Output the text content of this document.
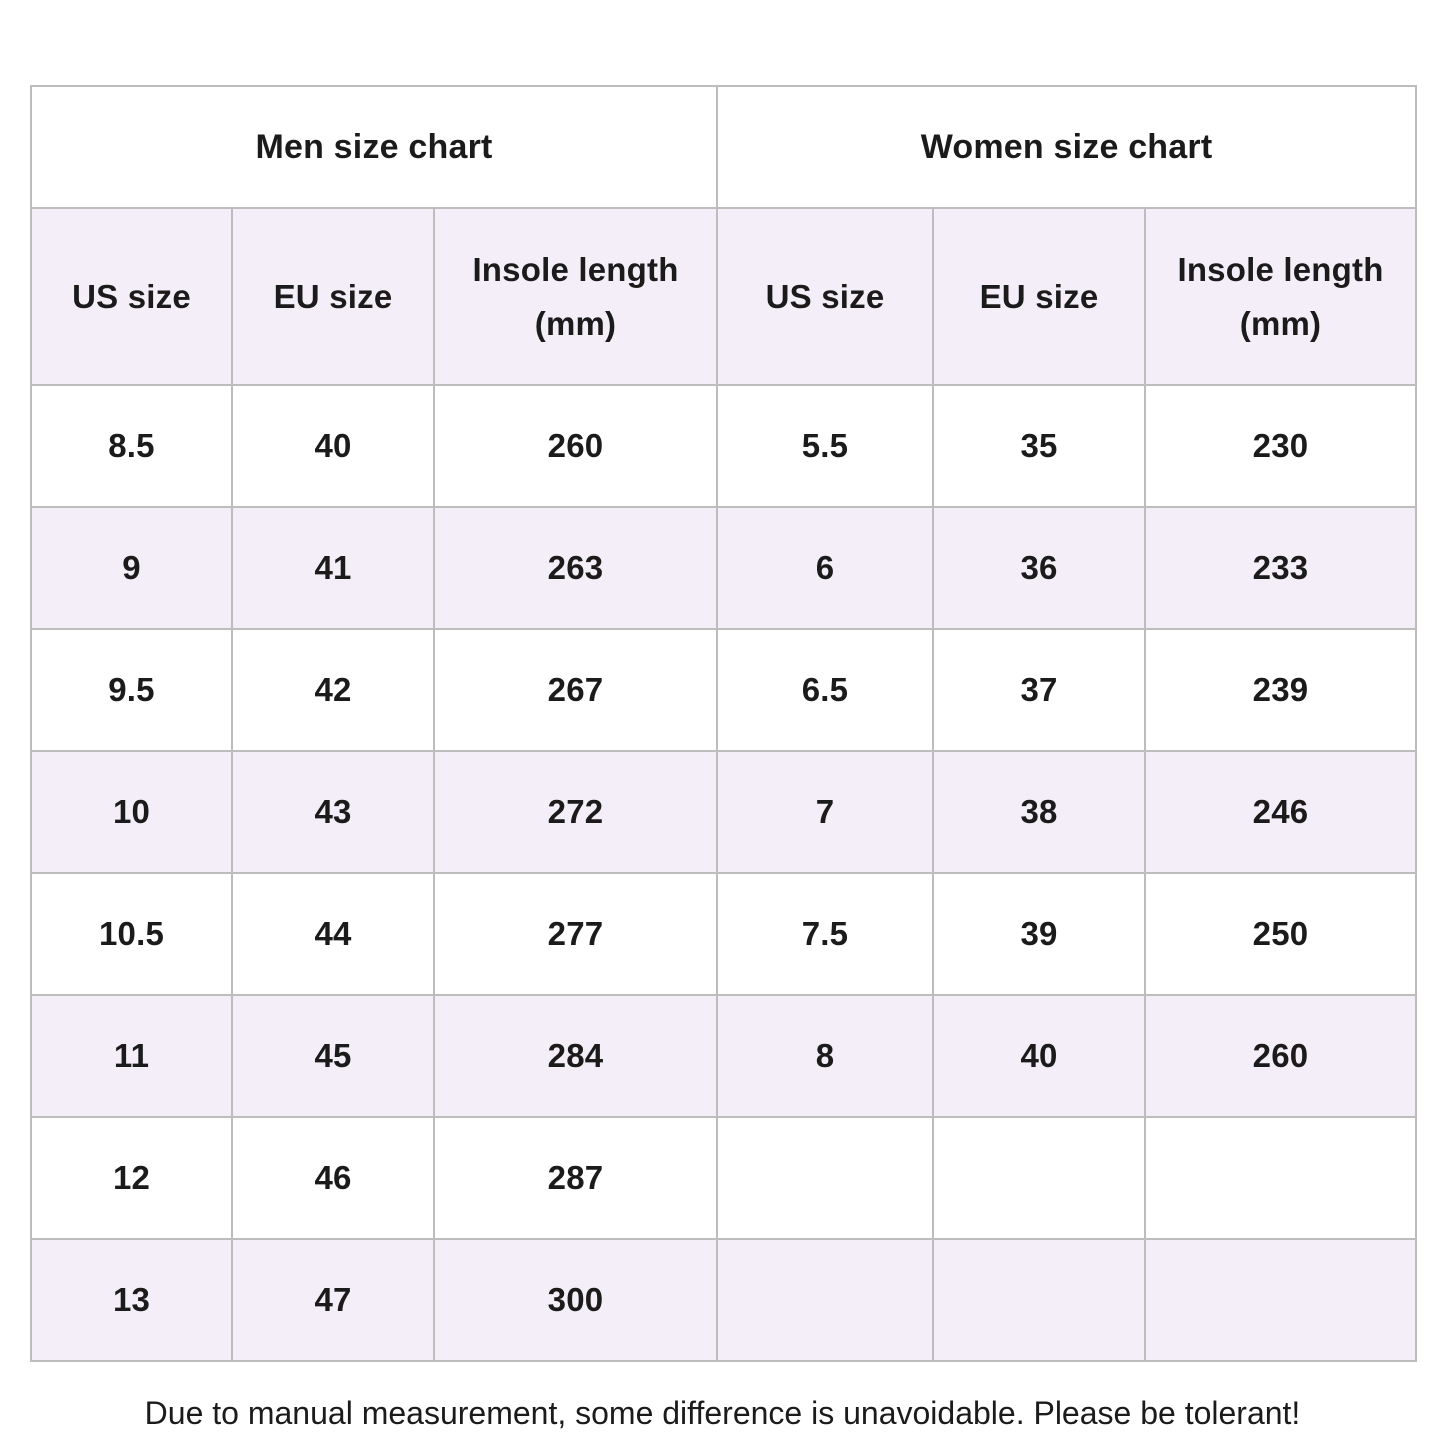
Men size chart			Women size chart		
US size	EU size	Insole length (mm)	US size	EU size	Insole length (mm)
8.5	40	260	5.5	35	230
9	41	263	6	36	233
9.5	42	267	6.5	37	239
10	43	272	7	38	246
10.5	44	277	7.5	39	250
11	45	284	8	40	260
12	46	287			
13	47	300			
Due to manual measurement, some difference is unavoidable. Please be tolerant!
